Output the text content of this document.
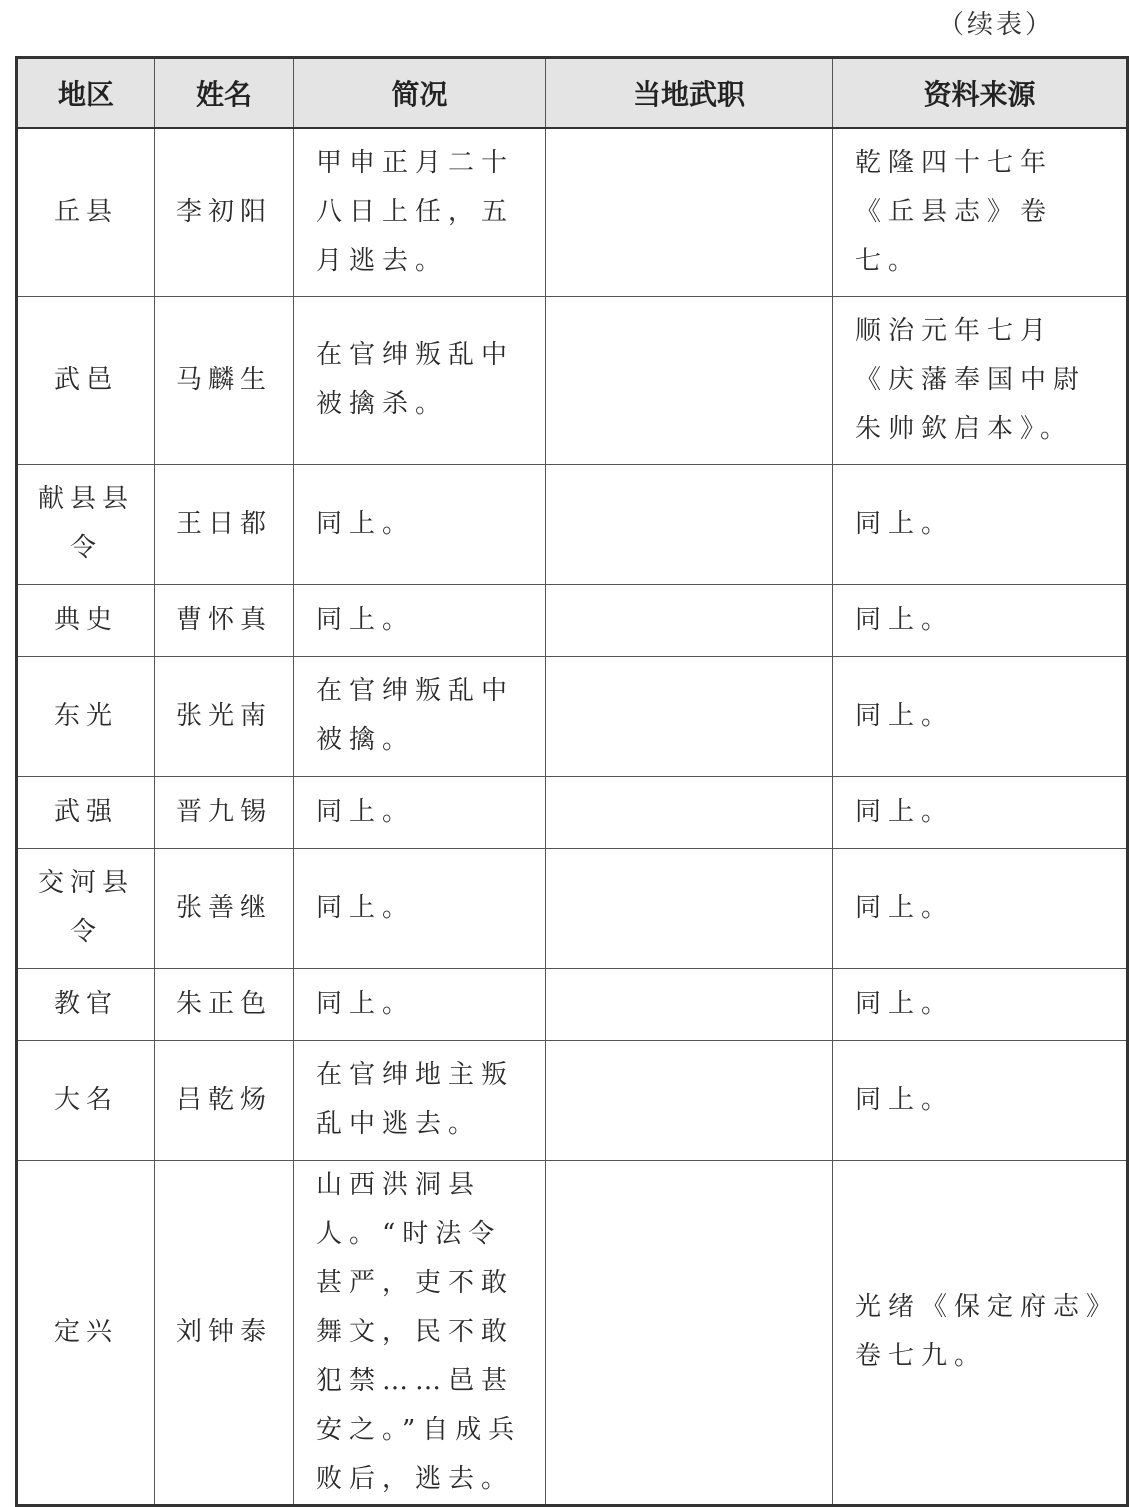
（续表）
地区	姓名	简况	当地武职	资料来源
丘县	李初阳	甲申正月二十八日上任，五月逃去。		乾隆四十七年《丘县志》卷七。
武邑	马麟生	在官绅叛乱中被擒杀。		顺治元年七月《庆藩奉国中尉朱帅欽启本》。
献县县令	王日都	同上。		同上。
典史	曹怀真	同上。		同上。
东光	张光南	在官绅叛乱中被擒。		同上。
武强	晋九锡	同上。		同上。
交河县令	张善继	同上。		同上。
教官	朱正色	同上。		同上。
大名	吕乾炀	在官绅地主叛乱中逃去。		同上。
定兴	刘钟泰	山西洪洞县人。“时法令甚严，吏不敢舞文，民不敢犯禁……邑甚安之。”自成兵败后，逃去。		光绪《保定府志》卷七九。
